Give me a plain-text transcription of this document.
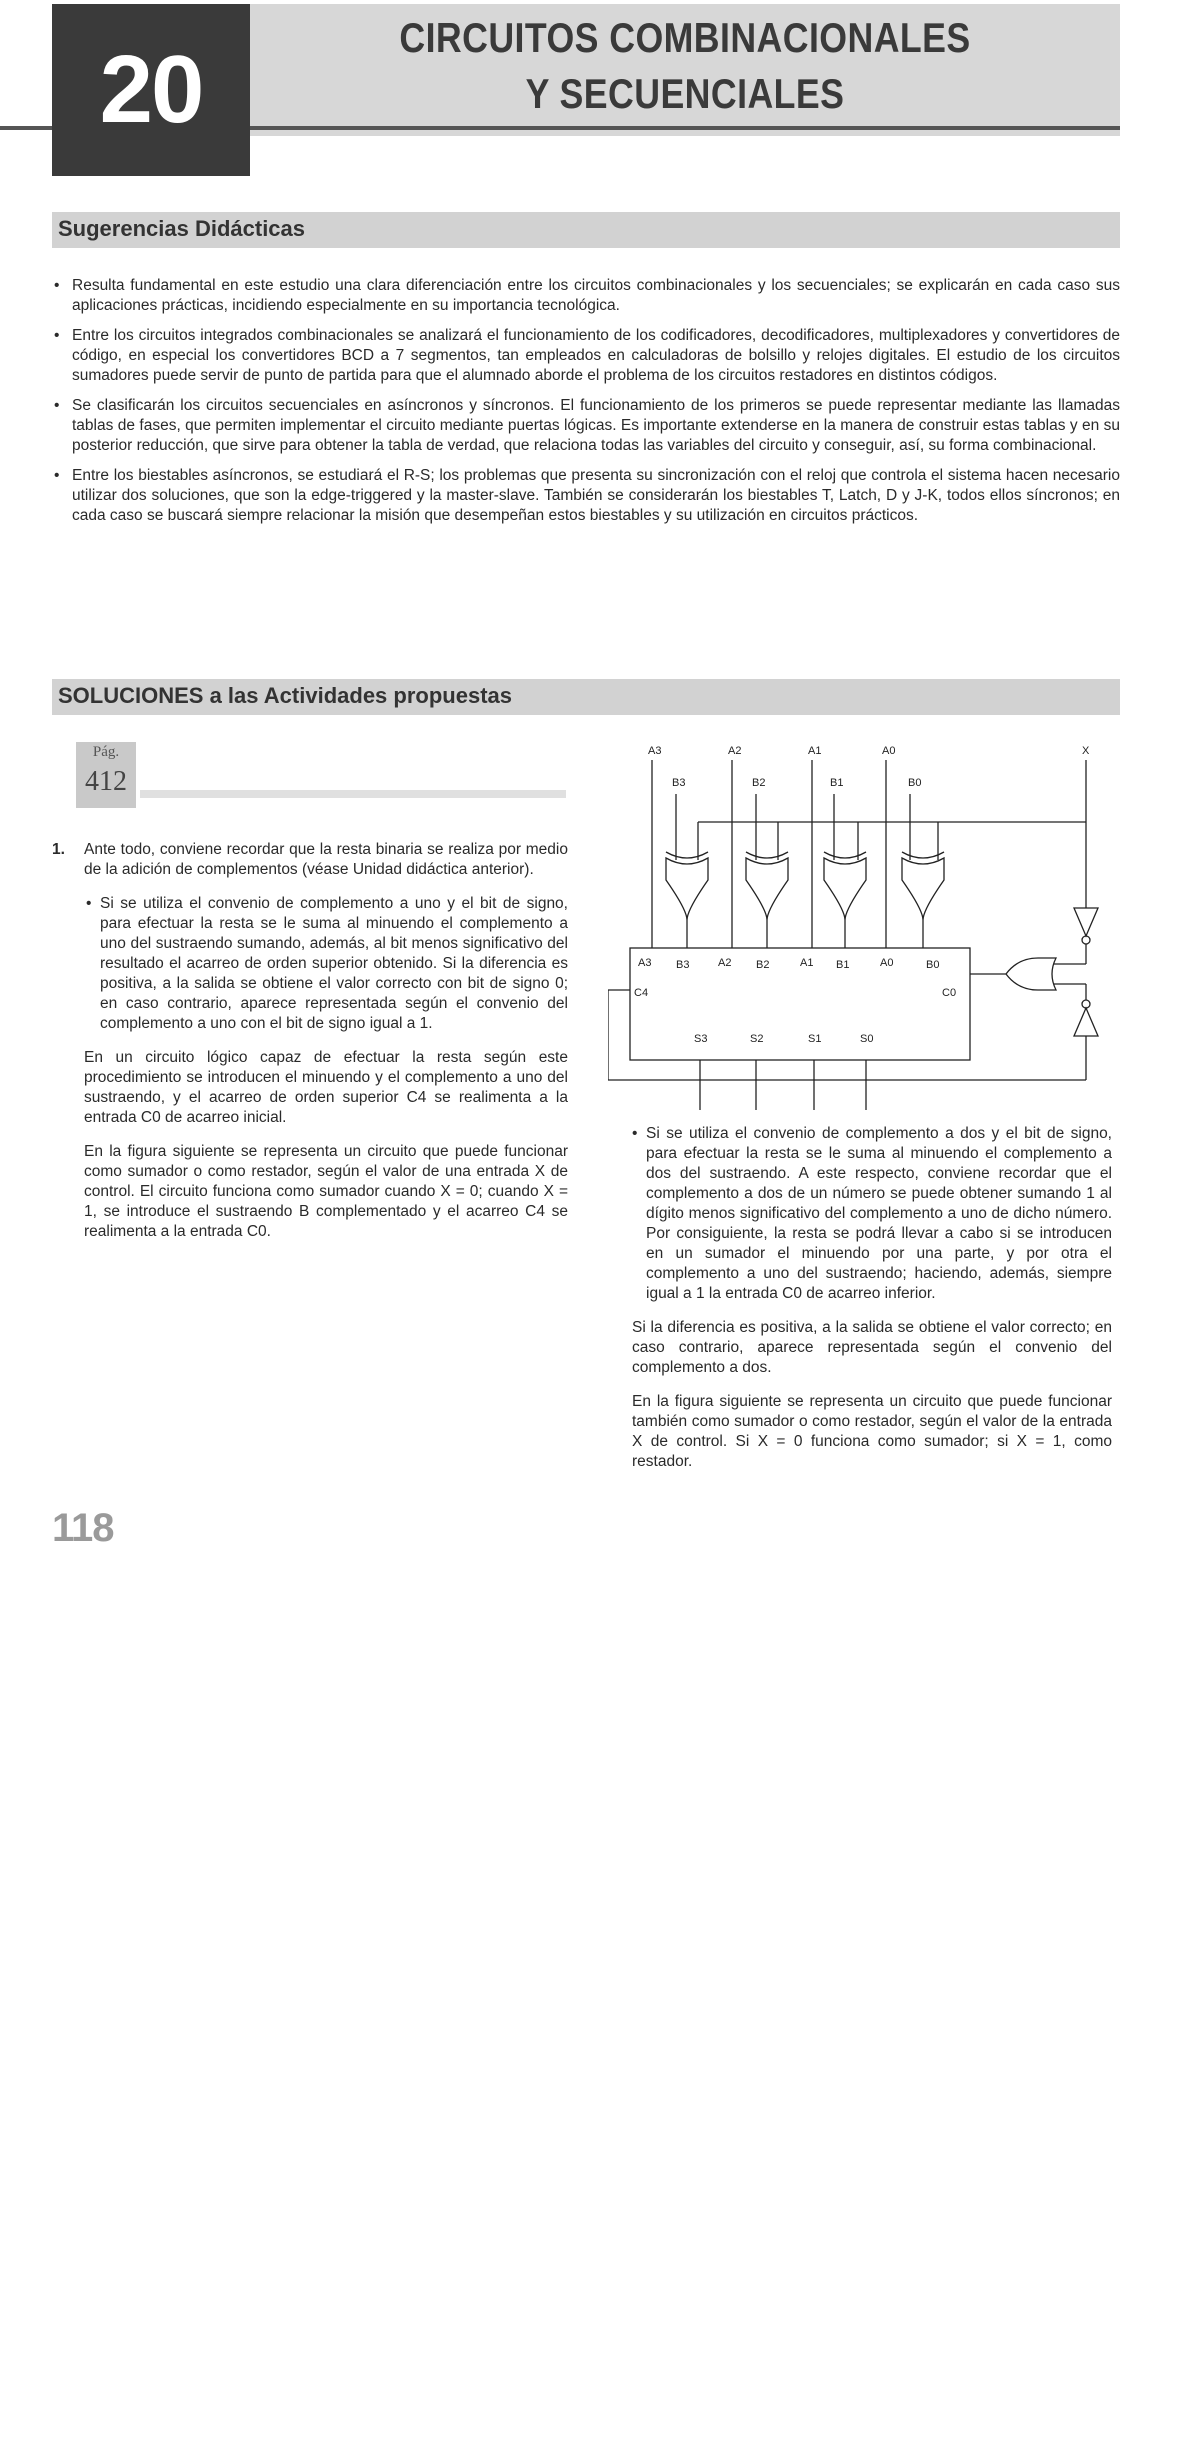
20	CIRCUITOS COMBINACIONALES
Y SECUENCIALES
Sugerencias Didácticas

• Resulta fundamental en este estudio una clara diferenciación entre los circuitos combinacionales y los secuenciales; se explicarán en cada caso sus aplicaciones prácticas, incidiendo especialmente en su importancia tecnológica.

• Entre los circuitos integrados combinacionales se analizará el funcionamiento de los codificadores, decodificadores, multiplexadores y convertidores de código, en especial los convertidores BCD a 7 segmentos, tan empleados en calculadoras de bolsillo y relojes digitales. El estudio de los circuitos sumadores puede servir de punto de partida para que el alumnado aborde el problema de los circuitos restadores en distintos códigos.

• Se clasificarán los circuitos secuenciales en asíncronos y síncronos. El funcionamiento de los primeros se puede representar mediante las llamadas tablas de fases, que permiten implementar el circuito mediante puertas lógicas. Es importante extenderse en la manera de construir estas tablas y en su posterior reducción, que sirve para obtener la tabla de verdad, que relaciona todas las variables del circuito y conseguir, así, su forma combinacional.

• Entre los biestables asíncronos, se estudiará el R-S; los problemas que presenta su sincronización con el reloj que controla el sistema hacen necesario utilizar dos soluciones, que son la edge-triggered y la master-slave. También se considerarán los biestables T, Latch, D y J-K, todos ellos síncronos; en cada caso se buscará siempre relacionar la misión que desempeñan estos biestables y su utilización en circuitos prácticos.

SOLUCIONES a las Actividades propuestas
Pág.
412
1. Ante todo, conviene recordar que la resta binaria se realiza por medio de la adición de complementos (véase Unidad didáctica anterior).

• Si se utiliza el convenio de complemento a uno y el bit de signo, para efectuar la resta se le suma al minuendo el complemento a uno del sustraendo sumando, además, al bit menos significativo del resultado el acarreo de orden superior obtenido. Si la diferencia es positiva, a la salida se obtiene el valor correcto con bit de signo 0; en caso contrario, aparece representada según el convenio del complemento a uno con el bit de signo igual a 1.

En un circuito lógico capaz de efectuar la resta según este procedimiento se introducen el minuendo y el complemento a uno del sustraendo, y el acarreo de orden superior C4 se realimenta a la entrada C0 de acarreo inicial.

En la figura siguiente se representa un circuito que puede funcionar como sumador o como restador, según el valor de una entrada X de control. El circuito funciona como sumador cuando X = 0; cuando X = 1, se introduce el sustraendo B complementado y el acarreo C4 se realimenta a la entrada C0.

• Si se utiliza el convenio de complemento a dos y el bit de signo, para efectuar la resta se le suma al minuendo el complemento a dos del sustraendo. A este respecto, conviene recordar que el complemento a dos de un número se puede obtener sumando 1 al dígito menos significativo del complemento a uno de dicho número. Por consiguiente, la resta se podrá llevar a cabo si se introducen en un sumador el minuendo por una parte, y por otra el complemento a uno del sustraendo; haciendo, además, siempre igual a 1 la entrada C0 de acarreo inferior.

Si la diferencia es positiva, a la salida se obtiene el valor correcto; en caso contrario, aparece representada según el convenio del complemento a dos.

En la figura siguiente se representa un circuito que puede funcionar también como sumador o como restador, según el valor de la entrada X de control. Si X = 0 funciona como sumador; si X = 1, como restador.

118
A3	A2	A1	A0
B3	B2	B1	B0
X
A3 B3	A2 B2	A1 B1	A0	B0
C4	C0
S3	S2	S1	S0
